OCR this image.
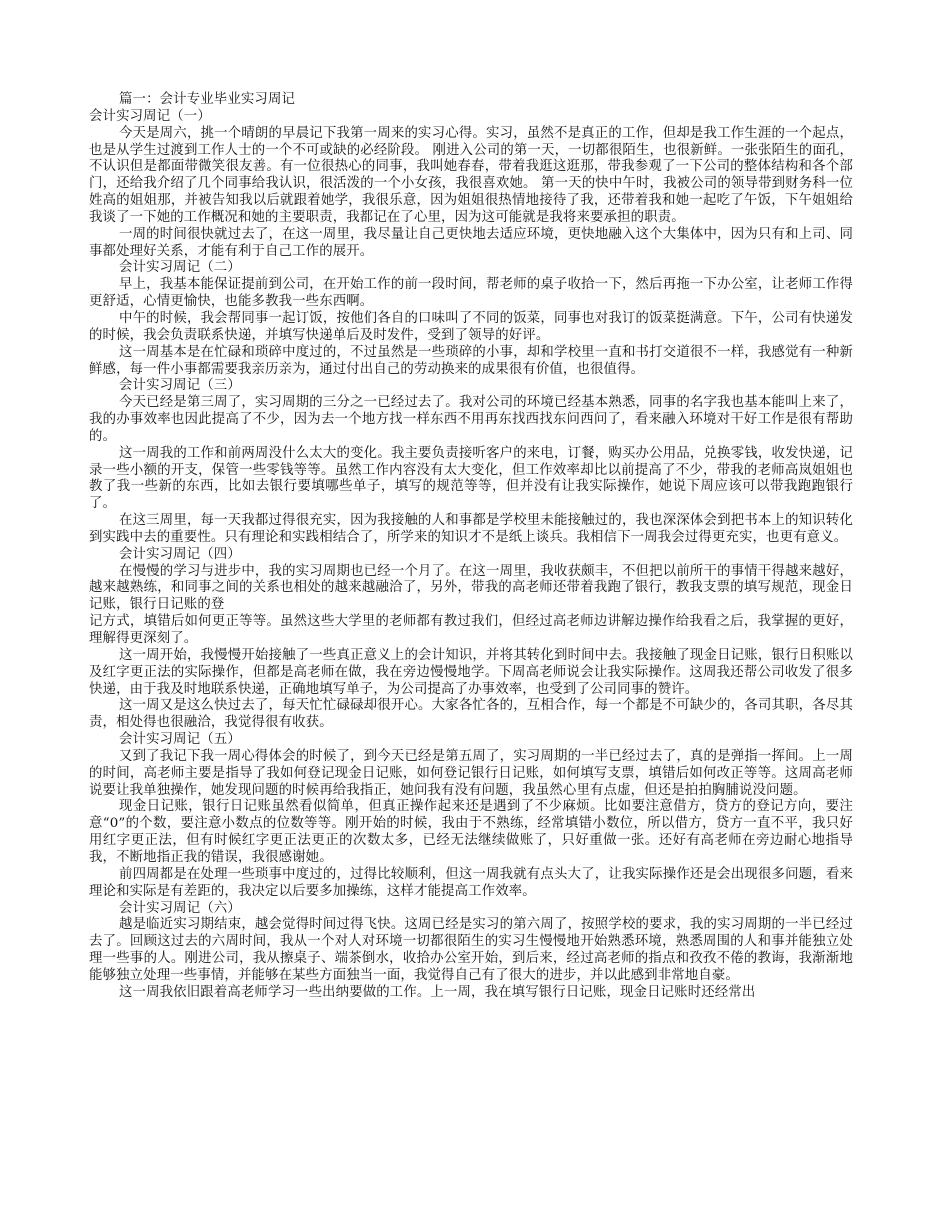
篇一：会计专业毕业实习周记

会计实习周记（一）

今天是周六，挑一个晴朗的早晨记下我第一周来的实习心得。实习，虽然不是真正的工作，但却是我工作生涯的一个起点，也是从学生过渡到工作人士的一个不可或缺的必经阶段。 刚进入公司的第一天，一切都很陌生，也很新鲜。一张张陌生的面孔，不认识但是都面带微笑很友善。有一位很热心的同事，我叫她春春，带着我逛这逛那，带我参观了一下公司的整体结构和各个部门，还给我介绍了几个同事给我认识，很活泼的一个小女孩，我很喜欢她。 第一天的快中午时，我被公司的领导带到财务科一位姓高的姐姐那，并被告知我以后就跟着她学，我很乐意，因为姐姐很热情地接待了我，还带着我和她一起吃了午饭，下午姐姐给我谈了一下她的工作概况和她的主要职责，我都记在了心里，因为这可能就是我将来要承担的职责。

一周的时间很快就过去了，在这一周里，我尽量让自己更快地去适应环境，更快地融入这个大集体中，因为只有和上司、同事都处理好关系，才能有利于自己工作的展开。

会计实习周记（二）

早上，我基本能保证提前到公司，在开始工作的前一段时间，帮老师的桌子收拾一下，然后再拖一下办公室，让老师工作得更舒适，心情更愉快，也能多教我一些东西啊。

中午的时候，我会帮同事一起订饭，按他们各自的口味叫了不同的饭菜，同事也对我订的饭菜挺满意。下午，公司有快递发的时候，我会负责联系快递，并填写快递单后及时发件，受到了领导的好评。

这一周基本是在忙碌和琐碎中度过的，不过虽然是一些琐碎的小事，却和学校里一直和书打交道很不一样，我感觉有一种新鲜感，每一件小事都需要我亲历亲为，通过付出自己的劳动换来的成果很有价值，也很值得。

会计实习周记（三）

今天已经是第三周了，实习周期的三分之一已经过去了。我对公司的环境已经基本熟悉，同事的名字我也基本能叫上来了，我的办事效率也因此提高了不少，因为去一个地方找一样东西不用再东找西找东问西问了，看来融入环境对干好工作是很有帮助的。

这一周我的工作和前两周没什么太大的变化。我主要负责接听客户的来电，订餐，购买办公用品，兑换零钱，收发快递，记录一些小额的开支，保管一些零钱等等。虽然工作内容没有太大变化，但工作效率却比以前提高了不少，带我的老师高岚姐姐也教了我一些新的东西，比如去银行要填哪些单子，填写的规范等等，但并没有让我实际操作，她说下周应该可以带我跑跑银行了。

在这三周里，每一天我都过得很充实，因为我接触的人和事都是学校里未能接触过的，我也深深体会到把书本上的知识转化到实践中去的重要性。只有理论和实践相结合了，所学来的知识才不是纸上谈兵。我相信下一周我会过得更充实，也更有意义。

会计实习周记（四）

在慢慢的学习与进步中，我的实习周期也已经一个月了。在这一周里，我收获颇丰，不但把以前所干的事情干得越来越好，越来越熟练，和同事之间的关系也相处的越来越融洽了，另外，带我的高老师还带着我跑了银行，教我支票的填写规范，现金日记账，银行日记账的登

记方式，填错后如何更正等等。虽然这些大学里的老师都有教过我们，但经过高老师边讲解边操作给我看之后，我掌握的更好，理解得更深刻了。

这一周开始，我慢慢开始接触了一些真正意义上的会计知识，并将其转化到时间中去。我接触了现金日记账，银行日积账以及红字更正法的实际操作，但都是高老师在做，我在旁边慢慢地学。下周高老师说会让我实际操作。这周我还帮公司收发了很多快递，由于我及时地联系快递，正确地填写单子，为公司提高了办事效率，也受到了公司同事的赞许。

这一周又是这么快过去了，每天忙忙碌碌却很开心。大家各忙各的，互相合作，每一个都是不可缺少的，各司其职，各尽其责，相处得也很融洽，我觉得很有收获。

会计实习周记（五）

又到了我记下我一周心得体会的时候了，到今天已经是第五周了，实习周期的一半已经过去了，真的是弹指一挥间。上一周的时间，高老师主要是指导了我如何登记现金日记账，如何登记银行日记账，如何填写支票，填错后如何改正等等。这周高老师说要让我单独操作，她发现问题的时候再给我指正，她问我有没有问题，我虽然心里有点虚，但还是拍拍胸脯说没问题。

现金日记账，银行日记账虽然看似简单，但真正操作起来还是遇到了不少麻烦。比如要注意借方，贷方的登记方向，要注意“0”的个数，要注意小数点的位数等等。刚开始的时候，我由于不熟练，经常填错小数位，所以借方，贷方一直不平，我只好用红字更正法，但有时候红字更正法更正的次数太多，已经无法继续做账了，只好重做一张。还好有高老师在旁边耐心地指导我，不断地指正我的错误，我很感谢她。

前四周都是在处理一些琐事中度过的，过得比较顺利，但这一周我就有点头大了，让我实际操作还是会出现很多问题，看来理论和实际是有差距的，我决定以后要多加操练，这样才能提高工作效率。

会计实习周记（六）

越是临近实习期结束，越会觉得时间过得飞快。这周已经是实习的第六周了，按照学校的要求，我的实习周期的一半已经过去了。回顾这过去的六周时间，我从一个对人对环境一切都很陌生的实习生慢慢地开始熟悉环境，熟悉周围的人和事并能独立处理一些事的人。刚进公司，我从擦桌子、端茶倒水，收拾办公室开始，到后来，经过高老师的指点和孜孜不倦的教诲，我渐渐地能够独立处理一些事情，并能够在某些方面独当一面，我觉得自己有了很大的进步，并以此感到非常地自豪。

这一周我依旧跟着高老师学习一些出纳要做的工作。上一周，我在填写银行日记账，现金日记账时还经常出
